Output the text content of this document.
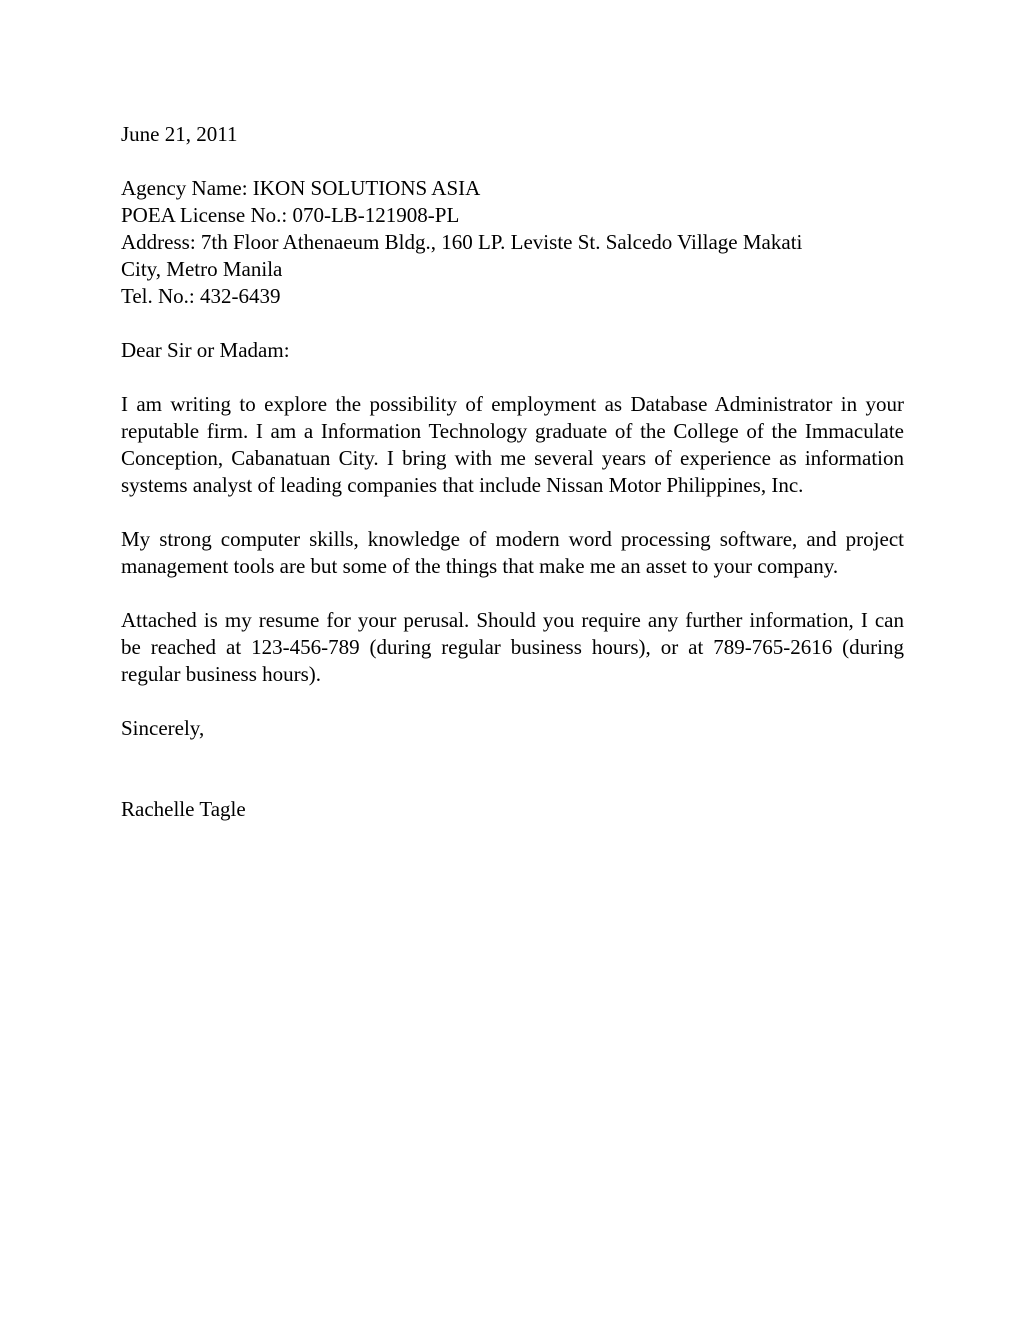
June 21, 2011

Agency Name: IKON SOLUTIONS ASIA
POEA License No.: 070-LB-121908-PL
Address: 7th Floor Athenaeum Bldg., 160 LP. Leviste St. Salcedo Village Makati
City, Metro Manila
Tel. No.: 432-6439

Dear Sir or Madam:

I am writing to explore the possibility of employment as Database Administrator in your reputable firm. I am a Information Technology graduate of the College of the Immaculate Conception, Cabanatuan City. I bring with me several years of experience as information systems analyst of leading companies that include Nissan Motor Philippines, Inc.

My strong computer skills, knowledge of modern word processing software, and project management tools are but some of the things that make me an asset to your company.

Attached is my resume for your perusal. Should you require any further information, I can be reached at 123-456-789 (during regular business hours), or at 789-765-2616 (during regular business hours).

Sincerely,

Rachelle Tagle
